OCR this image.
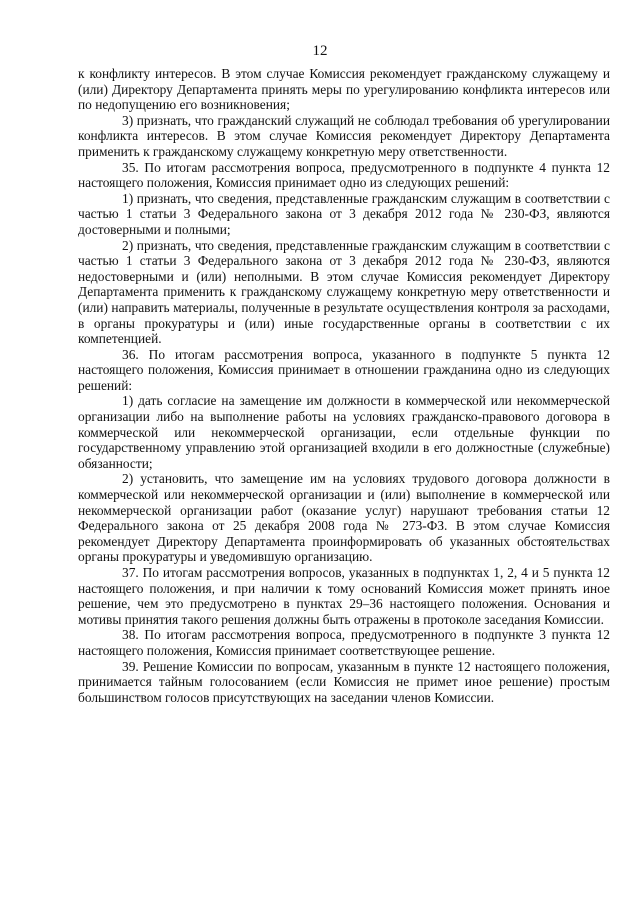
12

к конфликту интересов. В этом случае Комиссия рекомендует гражданскому служащему и (или) Директору Департамента принять меры по урегулированию конфликта интересов или по недопущению его возникновения;

3) признать, что гражданский служащий не соблюдал требования об урегулировании конфликта интересов. В этом случае Комиссия рекомендует Директору Департамента применить к гражданскому служащему конкретную меру ответственности.

35. По итогам рассмотрения вопроса, предусмотренного в подпункте 4 пункта 12 настоящего положения, Комиссия принимает одно из следующих решений:

1) признать, что сведения, представленные гражданским служащим в соответствии с частью 1 статьи 3 Федерального закона от 3 декабря 2012 года № 230-ФЗ, являются достоверными и полными;

2) признать, что сведения, представленные гражданским служащим в соответствии с частью 1 статьи 3 Федерального закона от 3 декабря 2012 года № 230-ФЗ, являются недостоверными и (или) неполными. В этом случае Комиссия рекомендует Директору Департамента применить к гражданскому служащему конкретную меру ответственности и (или) направить материалы, полученные в результате осуществления контроля за расходами, в органы прокуратуры и (или) иные государственные органы в соответствии с их компетенцией.

36. По итогам рассмотрения вопроса, указанного в подпункте 5 пункта 12 настоящего положения, Комиссия принимает в отношении гражданина одно из следующих решений:

1) дать согласие на замещение им должности в коммерческой или некоммерческой организации либо на выполнение работы на условиях гражданско-правового договора в коммерческой или некоммерческой организации, если отдельные функции по государственному управлению этой организацией входили в его должностные (служебные) обязанности;

2) установить, что замещение им на условиях трудового договора должности в коммерческой или некоммерческой организации и (или) выполнение в коммерческой или некоммерческой организации работ (оказание услуг) нарушают требования статьи 12 Федерального закона от 25 декабря 2008 года № 273-ФЗ. В этом случае Комиссия рекомендует Директору Департамента проинформировать об указанных обстоятельствах органы прокуратуры и уведомившую организацию.

37. По итогам рассмотрения вопросов, указанных в подпунктах 1, 2, 4 и 5 пункта 12 настоящего положения, и при наличии к тому оснований Комиссия может принять иное решение, чем это предусмотрено в пунктах 29–36 настоящего положения. Основания и мотивы принятия такого решения должны быть отражены в протоколе заседания Комиссии.

38. По итогам рассмотрения вопроса, предусмотренного в подпункте 3 пункта 12 настоящего положения, Комиссия принимает соответствующее решение.

39. Решение Комиссии по вопросам, указанным в пункте 12 настоящего положения, принимается тайным голосованием (если Комиссия не примет иное решение) простым большинством голосов присутствующих на заседании членов Комиссии.
